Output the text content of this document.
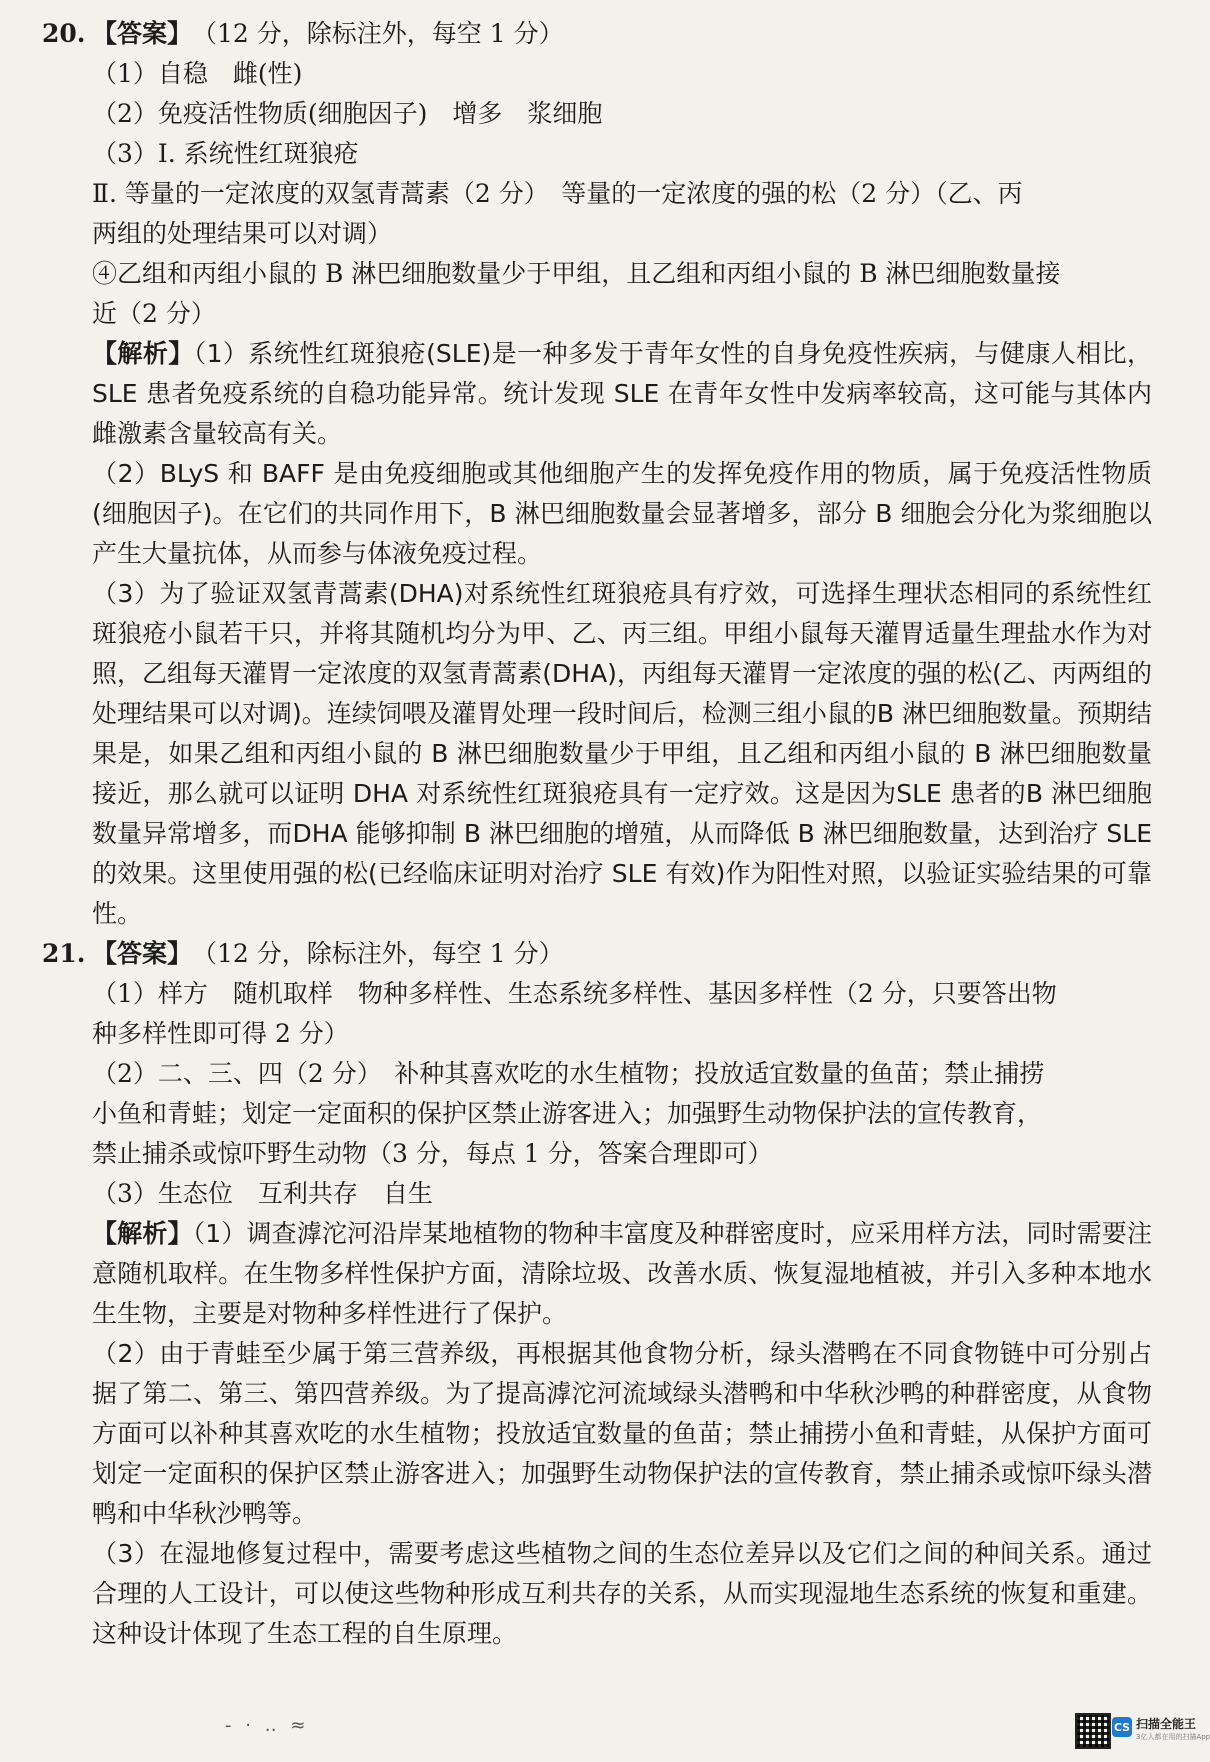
20. 【答案】 （12 分，除标注外，每空 1 分）

（1）自稳　雌(性)

（2）免疫活性物质(细胞因子)　增多　浆细胞

（3）Ⅰ. 系统性红斑狼疮

Ⅱ. 等量的一定浓度的双氢青蒿素（2 分）　等量的一定浓度的强的松（2 分）（乙、丙

两组的处理结果可以对调）

④乙组和丙组小鼠的 B 淋巴细胞数量少于甲组，且乙组和丙组小鼠的 B 淋巴细胞数量接

近（2 分）

【解析】（1）系统性红斑狼疮(SLE)是一种多发于青年女性的自身免疫性疾病，与健康人相比，SLE 患者免疫系统的自稳功能异常。统计发现 SLE 在青年女性中发病率较高，这可能与其体内雌激素含量较高有关。

（2）BLyS 和 BAFF 是由免疫细胞或其他细胞产生的发挥免疫作用的物质，属于免疫活性物质(细胞因子)。在它们的共同作用下，B 淋巴细胞数量会显著增多，部分 B 细胞会分化为浆细胞以产生大量抗体，从而参与体液免疫过程。

（3）为了验证双氢青蒿素(DHA)对系统性红斑狼疮具有疗效，可选择生理状态相同的系统性红斑狼疮小鼠若干只，并将其随机均分为甲、乙、丙三组。甲组小鼠每天灌胃适量生理盐水作为对照，乙组每天灌胃一定浓度的双氢青蒿素(DHA)，丙组每天灌胃一定浓度的强的松(乙、丙两组的处理结果可以对调)。连续饲喂及灌胃处理一段时间后，检测三组小鼠的B 淋巴细胞数量。预期结果是，如果乙组和丙组小鼠的 B 淋巴细胞数量少于甲组，且乙组和丙组小鼠的 B 淋巴细胞数量接近，那么就可以证明 DHA 对系统性红斑狼疮具有一定疗效。这是因为SLE 患者的B 淋巴细胞数量异常增多，而DHA 能够抑制 B 淋巴细胞的增殖，从而降低 B 淋巴细胞数量，达到治疗 SLE 的效果。这里使用强的松(已经临床证明对治疗 SLE 有效)作为阳性对照，以验证实验结果的可靠性。

21. 【答案】 （12 分，除标注外，每空 1 分）

（1）样方　随机取样　物种多样性、生态系统多样性、基因多样性（2 分，只要答出物

种多样性即可得 2 分）

（2）二、三、四（2 分）　补种其喜欢吃的水生植物；投放适宜数量的鱼苗；禁止捕捞

小鱼和青蛙；划定一定面积的保护区禁止游客进入；加强野生动物保护法的宣传教育，

禁止捕杀或惊吓野生动物（3 分，每点 1 分，答案合理即可）

（3）生态位　互利共存　自生

【解析】（1）调查滹沱河沿岸某地植物的物种丰富度及种群密度时，应采用样方法，同时需要注意随机取样。在生物多样性保护方面，清除垃圾、改善水质、恢复湿地植被，并引入多种本地水生生物，主要是对物种多样性进行了保护。

（2）由于青蛙至少属于第三营养级，再根据其他食物分析，绿头潜鸭在不同食物链中可分别占据了第二、第三、第四营养级。为了提高滹沱河流域绿头潜鸭和中华秋沙鸭的种群密度，从食物方面可以补种其喜欢吃的水生植物；投放适宜数量的鱼苗；禁止捕捞小鱼和青蛙，从保护方面可划定一定面积的保护区禁止游客进入；加强野生动物保护法的宣传教育，禁止捕杀或惊吓绿头潜鸭和中华秋沙鸭等。

（3）在湿地修复过程中，需要考虑这些植物之间的生态位差异以及它们之间的种间关系。通过合理的人工设计，可以使这些物种形成互利共存的关系，从而实现湿地生态系统的恢复和重建。这种设计体现了生态工程的自生原理。

- · ‥ ≈	CS 扫描全能王
3亿人都在用的扫描App
